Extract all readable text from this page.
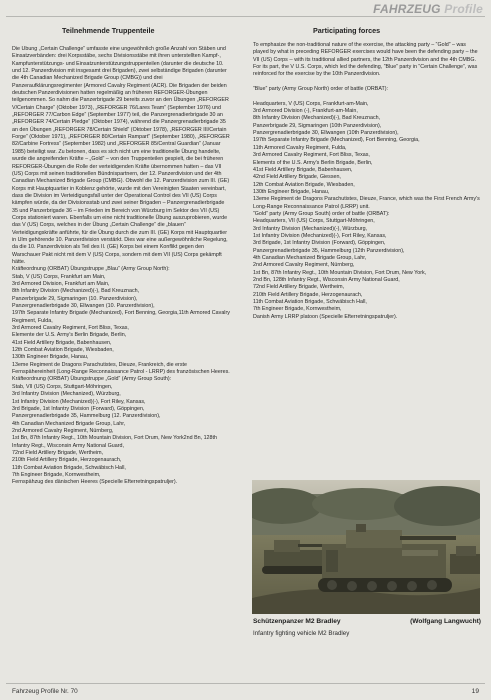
FAHRZEUG Profile
Teilnehmende Truppenteile
Die Übung „Certain Challenge“ umfasste eine ungewöhnlich große Anzahl von Stäben und Einsatzverbänden: drei Korpsstäbe, sechs Divisionsstäbe mit ihren unterstellten Kampf-, Kampfunterstützungs- und Einsatzunterstützungstruppenteilen (darunter die deutsche 10. und 12. Panzerdivision mit insgesamt drei Brigaden), zwei selbständige Brigaden (darunter die 4th Canadian Mechanized Brigade Group (CMBG)) und drei Panzeraufklärungsregimenter (Armored Cavalry Regiment (ACR). Die Brigaden der beiden deutschen Panzerdivisionen hatten regelmäßig an früheren REFORGER-Übungen teilgenommen. So nahm die Panzerbrigade 29 bereits zuvor an den Übungen „REFORGER V/Certain Charge“ (Oktober 1973), „REFORGER 76/Lares Team“ (September 1976) und „REFORGER 77/Carbon Edge“ (September 1977) teil, die Panzergrenadierbrigade 30 an „REFORGER 74/Certain Pledge“ (Oktober 1974), während die Panzergrenadierbrigade 35 an den Übungen „REFORGER 78/Certain Shield“ (Oktober 1978), „REFORGER III/Certain Forge“ (Oktober 1971), „REFORGER 80/Certain Rampart“ (September 1980), „REFORGER 82/Carbine Fortress“ (September 1982) und „REFORGER 85/Central Guardian“ (Januar 1985) beteiligt war. Zu betonen, dass es sich nicht um eine traditionelle Übung handelte, wurde die angreifenden Kräfte – „Gold“ – von den Truppenteilen gespielt, die bei früheren REFORGER-Übungen die Rolle der verteidigenden Kräfte übernommen hatten – das VII (US) Corps mit seinen traditionellen Bündnispartnern, der 12. Panzerdivision und der 4th Canadian Mechanized Brigade Group (CMBG). Obwohl die 12. Panzerdivision zum III. (GE) Korps mit Hauptquartier in Koblenz gehörte, wurde mit den Vereinigten Staaten vereinbart, dass die Division im Verteidigungsfall unter der Operational Control des VII (US) Corps kämpfen würde, da der Divisionsstab und zwei seiner Brigaden – Panzergrenadierbrigade 35 und Panzerbrigade 36 – im Frieden im Bereich von Würzburg im Sektor des VII (US) Corps stationiert waren. Ebenfalls um eine nicht traditionelle Übung auszuprobieren, wurde das V (US) Corps, welches in der Übung „Certain Challenge“ die „blauen“ Verteidigungskräfte anführte, für die Übung durch die zum III. (GE) Korps mit Hauptquartier in Ulm gehörende 10. Panzerdivision verstärkt. Dies war eine außergewöhnliche Regelung, da die 10. Panzerdivision als Teil des II. (GE) Korps bei einem Konflikt gegen den Warschauer Pakt nicht mit dem V (US) Corps, sondern mit dem VII (US) Corps gekämpft hätte.
Kräfteordnung (ORBAT) Übungstruppe „Blau“ (Army Group North):
Stab, V (US) Corps, Frankfurt am Main,
3rd Armored Division, Frankfurt am Main,
8th Infantry Division (Mechanized)(-), Bad Kreuznach,
Panzerbrigade 29, Sigmaringen (10. Panzerdivision),
Panzergrenadierbrigade 30, Ellwangen (10. Panzerdivision),
197th Separate Infantry Brigade (Mechanized), Fort Benning, Georgia,11th Armored Cavalry Regiment, Fulda,
3rd Armored Cavalry Regiment, Fort Bliss, Texas,
Elemente der U.S. Army's Berlin Brigade, Berlin,
41st Field Artillery Brigade, Babenhausen,
12th Combat Aviation Brigade, Wiesbaden,
130th Engineer Brigade, Hanau,
13eme Regiment de Dragons Parachutistes, Dieuze, Frankreich, die erste Fernspähereinheit (Long-Range Reconnaissance Patrol - LRRP) des französischen Heeres.
Kräfteordnung (ORBAT) Übungstruppe „Gold“ (Army Group South):
Stab, VII (US) Corps, Stuttgart-Möhringen,
3rd Infantry Division (Mechanized), Würzburg,
1st Infantry Division (Mechanized)(-), Fort Riley, Kansas,
3rd Brigade, 1st Infantry Division (Forward), Göppingen,
Panzergrenadierbrigade 35, Hammelburg (12. Panzerdivision),
4th Canadian Mechanized Brigade Group, Lahr,
2nd Armored Cavalry Regiment, Nürnberg,
1st Bn, 87th Infantry Regt., 10th Mountain Division, Fort Drum, New York2nd Bn, 128th Infantry Regt., Wisconsin Army National Guard,
72nd Field Artillery Brigade, Wertheim,
210th Field Artillery Brigade, Herzogenaurach,
11th Combat Aviation Brigade, Schwäbisch Hall,
7th Engineer Brigade, Kornwestheim,
Fernspähzug des dänischen Heeres (Specielle Efterretningspatruljer).
Participating forces
To emphasize the non-traditional nature of the exercise, the attacking party – “Gold” – was played by what in preceding REFORGER exercises would have been the defending party – the VII (US) Corps -- with its traditional allied partners, the 12th Panzerdivision and the 4th CMBG. For its part, the V U.S. Corps, which led the defending, “Blue” party in “Certain Challenge”, was reinforced for the exercise by the 10th Panzerdivision.

“Blue” party (Army Group North) order of battle (ORBAT):

Headquarters, V (US) Corps, Frankfurt-am-Main,
3rd Armored Division (-), Frankfurt-am-Main,
8th Infantry Division (Mechanized)(-), Bad Kreuznach,
Panzerbrigade 29, Sigmaringen (10th Panzerdivision),
Panzergrenadierbrigade 30, Ellwangen (10th Panzerdivision),
197th Separate Infantry Brigade (Mechanized), Fort Benning, Georgia,
11th Armored Cavalry Regiment, Fulda,
3rd Armored Cavalry Regiment, Fort Bliss, Texas,
Elements of the U.S. Army's Berlin Brigade, Berlin,
41st Field Artillery Brigade, Babenhausen,
42nd Field Artillery Brigade, Giessen,
12th Combat Aviation Brigade, Wiesbaden,
130th Engineer Brigade, Hanau,
13eme Regiment de Dragons Parachutistes, Dieuze, France, which was the First French Army's Long-Range Reconnaissance Patrol (LRRP) unit.
“Gold” party (Army Group South) order of battle (ORBAT):
Headquarters, VII (US) Corps, Stuttgart-Möhringen,
3rd Infantry Division (Mechanized)(-), Würzburg,
1st Infantry Division (Mechanized)(-), Fort Riley, Kansas,
3rd Brigade, 1st Infantry Division (Forward), Göppingen,
Panzergrenadierbrigade 35, Hammelburg (12th Panzerdivision),
4th Canadian Mechanized Brigade Group, Lahr,
2nd Armored Cavalry Regiment, Nürnberg,
1st Bn, 87th Infantry Regt., 10th Mountain Division, Fort Drum, New York,
2nd Bn, 128th Infantry Regt., Wisconsin Army National Guard,
72nd Field Artillery Brigade, Wertheim,
210th Field Artillery Brigade, Herzogenaurach,
11th Combat Aviation Brigade, Schwäbisch Hall,
7th Engineer Brigade, Kornwestheim,
Danish Army LRRP platoon (Specielle Efterretningspatruljer).
Schützenpanzer M2 Bradley	(Wolfgang Langwucht)
Infantry fighting vehicle M2 Bradley
Fahrzeug Profile Nr. 70	19
